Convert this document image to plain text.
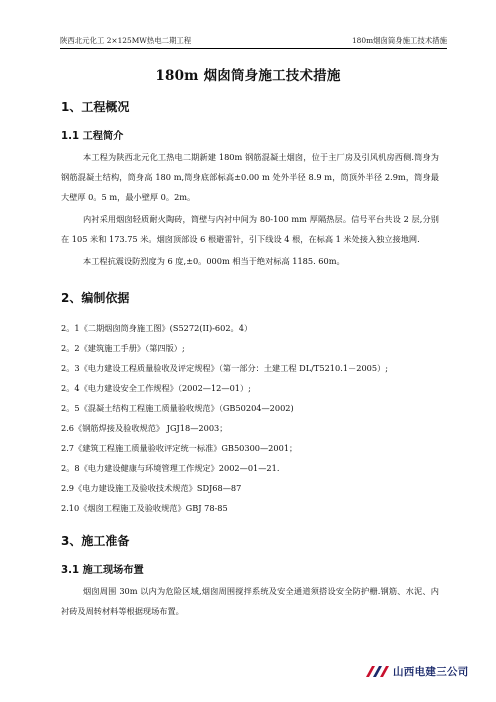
陕西北元化工 2×125MW热电二期工程	180m烟囱筒身施工技术措施
180m 烟囱筒身施工技术措施
1、工程概况
1.1 工程简介
本工程为陕西北元化工热电二期新建 180m 钢筋混凝土烟囱，位于主厂房及引风机房西侧.筒身为钢筋混凝土结构，筒身高 180 m,筒身底部标高±0.00 m 处外半径 8.9 m，筒顶外半径 2.9m，筒身最大壁厚 0。5 m，最小壁厚 0。2m。
内衬采用烟囱轻质耐火陶砖，筒壁与内衬中间为 80-100 mm 厚隔热层。信号平台共设 2 层,分别在 105 米和 173.75 米。烟囱顶部设 6 根避雷针，引下线设 4 根，在标高 1 米处接入独立接地网.
本工程抗震设防烈度为 6 度,±0。000m 相当于绝对标高 1185. 60m。
2、编制依据
2。1《二期烟囱筒身施工图》(S5272(II)-602。4）
2。2《建筑施工手册》（第四版）;
2。3《电力建设工程质量验收及评定规程》（第一部分：土建工程 DL/T5210.1－2005）;
2。4《电力建设安全工作规程》（2002—12—01）;
2。5《混凝土结构工程施工质量验收规范》（GB50204—2002)
2.6《钢筋焊接及验收规范》 JGJ18—2003；
2.7《建筑工程施工质量验收评定统一标准》GB50300—2001；
2。8《电力建设健康与环境管理工作规定》2002—01—21.
2.9《电力建设施工及验收技术规范》SDJ68—87
2.10《烟囱工程施工及验收规范》GBJ 78-85
3、施工准备
3.1 施工现场布置
烟囱周围 30m 以内为危险区域,烟囱周围搅拌系统及安全通道须搭设安全防护栅.钢筋、水泥、内衬砖及周转材料等根据现场布置。
山西电建三公司
